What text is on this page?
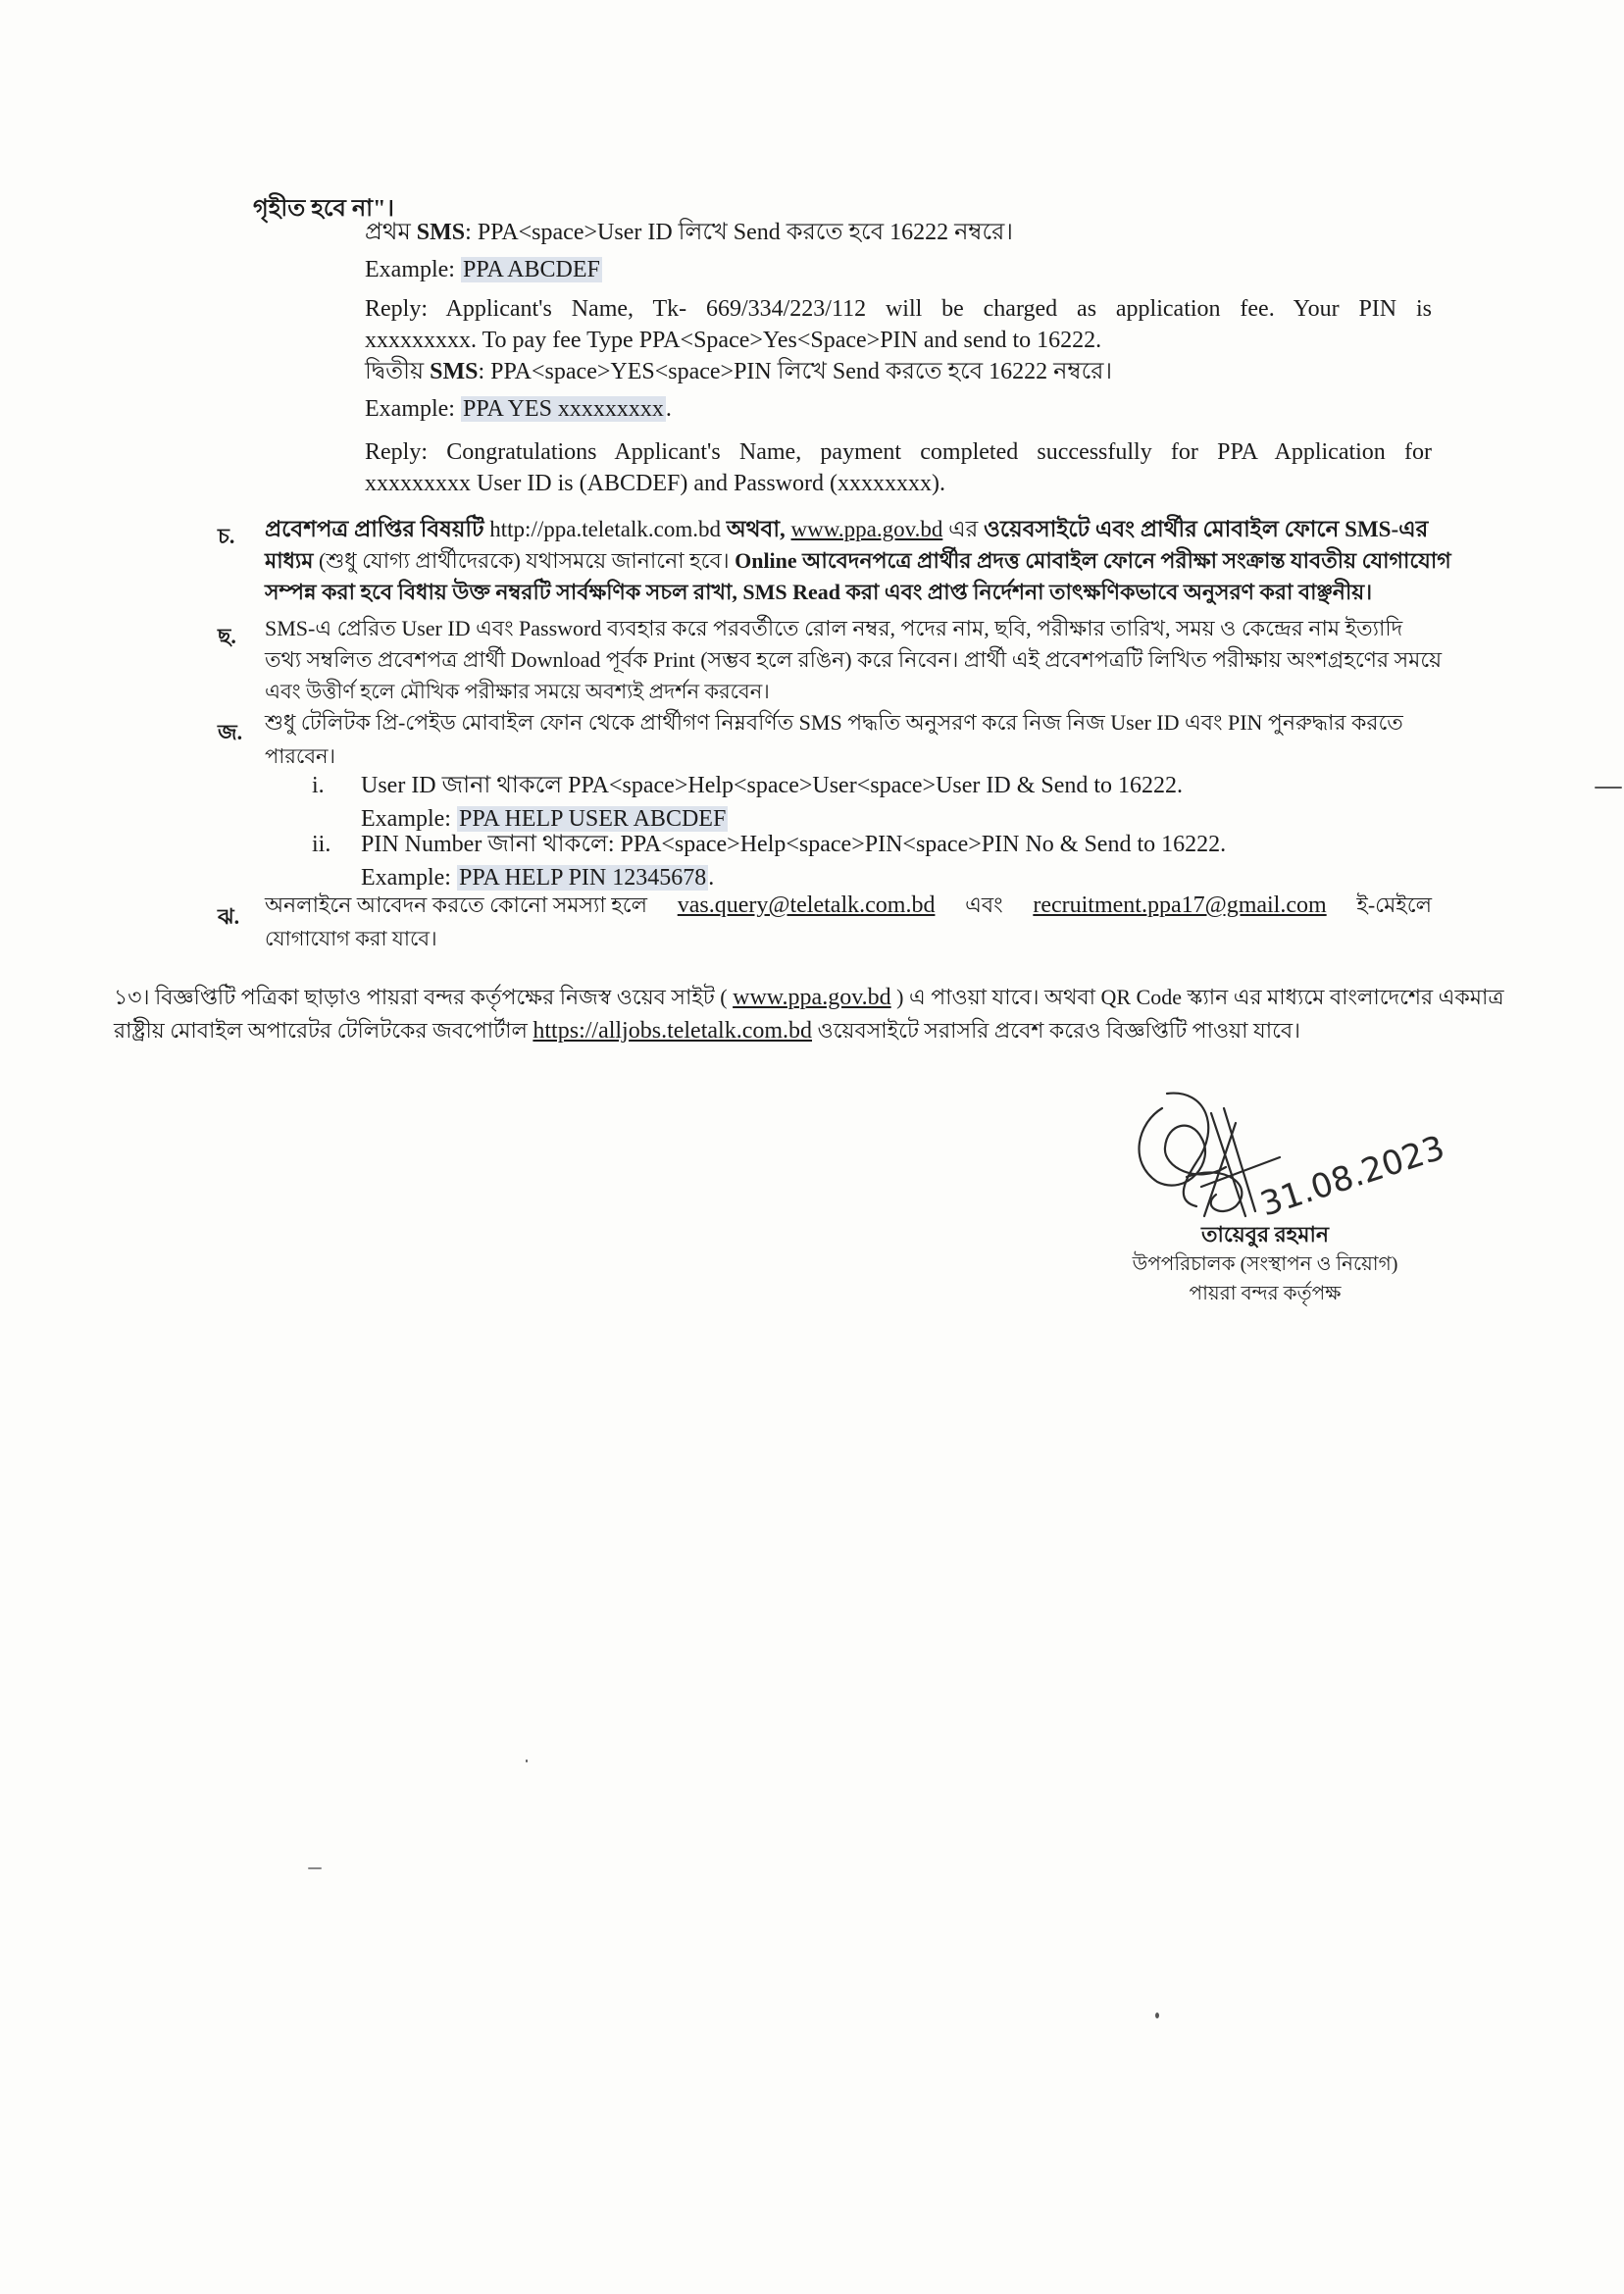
গৃহীত হবে না"।
প্রথম SMS: PPA<space>User ID লিখে Send করতে হবে 16222 নম্বরে।
Example: PPA ABCDEF
Reply: Applicant's Name, Tk- 669/334/223/112 will be charged as application fee. Your PIN is
xxxxxxxxx. To pay fee Type PPA<Space>Yes<Space>PIN and send to 16222.
দ্বিতীয় SMS: PPA<space>YES<space>PIN লিখে Send করতে হবে 16222 নম্বরে।
Example: PPA YES xxxxxxxxx.
Reply: Congratulations Applicant's Name, payment completed successfully for PPA Application for
xxxxxxxxx User ID is (ABCDEF) and Password (xxxxxxxx).
চ. প্রবেশপত্র প্রাপ্তির বিষয়টি http://ppa.teletalk.com.bd অথবা, www.ppa.gov.bd এর ওয়েবসাইটে এবং প্রার্থীর মোবাইল ফোনে SMS-এর
মাধ্যম (শুধু যোগ্য প্রার্থীদেরকে) যথাসময়ে জানানো হবে। Online আবেদনপত্রে প্রার্থীর প্রদত্ত মোবাইল ফোনে পরীক্ষা সংক্রান্ত যাবতীয় যোগাযোগ
সম্পন্ন করা হবে বিধায় উক্ত নম্বরটি সার্বক্ষণিক সচল রাখা, SMS Read করা এবং প্রাপ্ত নির্দেশনা তাৎক্ষণিকভাবে অনুসরণ করা বাঞ্ছনীয়।
ছ. SMS-এ প্রেরিত User ID এবং Password ব্যবহার করে পরবর্তীতে রোল নম্বর, পদের নাম, ছবি, পরীক্ষার তারিখ, সময় ও কেন্দ্রের নাম ইত্যাদি
তথ্য সম্বলিত প্রবেশপত্র প্রার্থী Download পূর্বক Print (সম্ভব হলে রঙিন) করে নিবেন। প্রার্থী এই প্রবেশপত্রটি লিখিত পরীক্ষায় অংশগ্রহণের সময়ে
এবং উত্তীর্ণ হলে মৌখিক পরীক্ষার সময়ে অবশ্যই প্রদর্শন করবেন।
জ. শুধু টেলিটক প্রি-পেইড মোবাইল ফোন থেকে প্রার্থীগণ নিম্নবর্ণিত SMS পদ্ধতি অনুসরণ করে নিজ নিজ User ID এবং PIN পুনরুদ্ধার করতে
পারবেন।
i. User ID জানা থাকলে PPA<space>Help<space>User<space>User ID & Send to 16222.
Example: PPA HELP USER ABCDEF
ii. PIN Number জানা থাকলে: PPA<space>Help<space>PIN<space>PIN No & Send to 16222.
Example: PPA HELP PIN 12345678.
ঝ. অনলাইনে আবেদন করতে কোনো সমস্যা হলে vas.query@teletalk.com.bd এবং recruitment.ppa17@gmail.com ই-মেইলে
যোগাযোগ করা যাবে।
১৩। বিজ্ঞপ্তিটি পত্রিকা ছাড়াও পায়রা বন্দর কর্তৃপক্ষের নিজস্ব ওয়েব সাইট ( www.ppa.gov.bd ) এ পাওয়া যাবে। অথবা QR Code স্ক্যান এর মাধ্যমে বাংলাদেশের একমাত্র
রাষ্ট্রীয় মোবাইল অপারেটর টেলিটকের জবপোর্টাল https://alljobs.teletalk.com.bd ওয়েবসাইটে সরাসরি প্রবেশ করেও বিজ্ঞপ্তিটি পাওয়া যাবে।
31.08.2023
তায়েবুর রহমান
উপপরিচালক (সংস্থাপন ও নিয়োগ)
পায়রা বন্দর কর্তৃপক্ষ
